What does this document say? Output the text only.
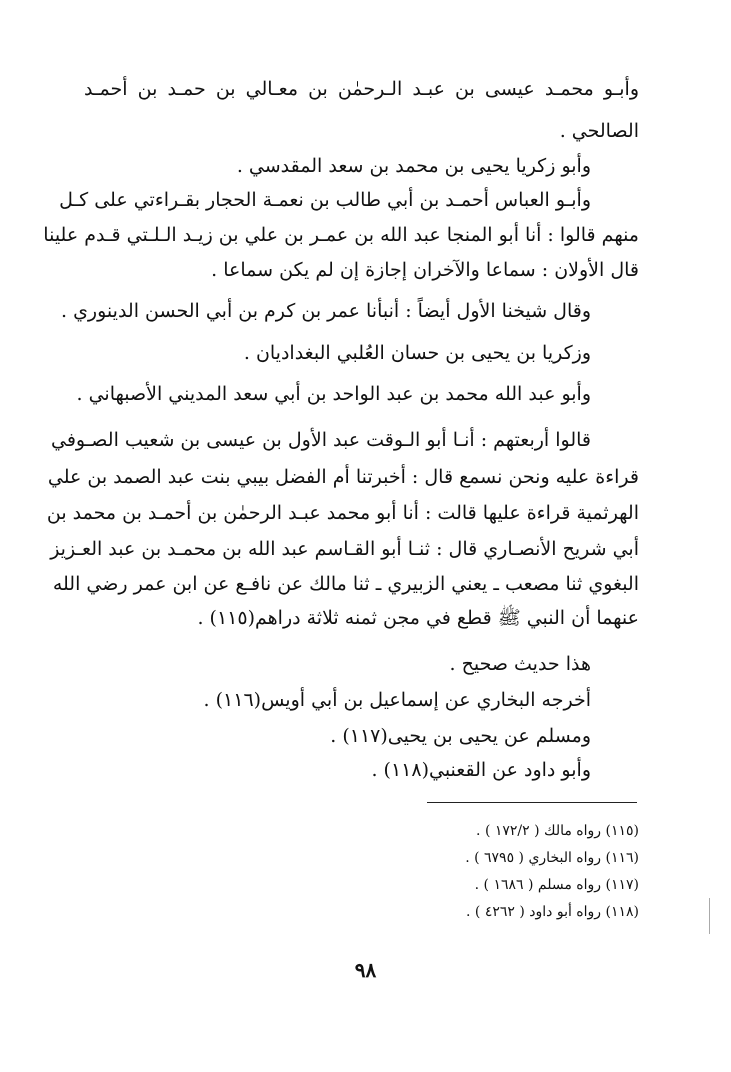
وأبـو محمـد عيسى بن عبـد الـرحمٰن بن معـالي بن حمـد بن أحمـد
الصالحي .
وأبو زكريا يحيى بن محمد بن سعد المقدسي .
وأبـو العباس أحمـد بن أبي طالب بن نعمـة الحجار بقـراءتي على كـل
منهم قالوا : أنا أبو المنجا عبد الله بن عمـر بن علي بن زيـد الـلـتي قـدم علينا
قال الأولان : سماعا والآخران إجازة إن لم يكن سماعا .
وقال شيخنا الأول أيضاً : أنبأنا عمر بن كرم بن أبي الحسن الدينوري .
وزكريا بن يحيى بن حسان العُلبي البغداديان .
وأبو عبد الله محمد بن عبد الواحد بن أبي سعد المديني الأصبهاني .
قالوا أربعتهم : أنـا أبو الـوقت عبد الأول بن عيسى بن شعيب الصـوفي
قراءة عليه ونحن نسمع قال : أخبرتنا أم الفضل بيبي بنت عبد الصمد بن علي
الهرثمية قراءة عليها قالت : أنا أبو محمد عبـد الرحمٰن بن أحمـد بن محمد بن
أبي شريح الأنصـاري قال : ثنـا أبو القـاسم عبد الله بن محمـد بن عبد العـزيز
البغوي ثنا مصعب ـ يعني الزبيري ـ ثنا مالك عن نافـع عن ابن عمر رضي الله
عنهما أن النبي ﷺ قطع في مجن ثمنه ثلاثة دراهم(١١٥) .
هذا حديث صحيح .
أخرجه البخاري عن إسماعيل بن أبي أويس(١١٦) .
ومسلم عن يحيى بن يحيى(١١٧) .
وأبو داود عن القعنبي(١١٨) .
(١١٥) رواه مالك ( ١٧٢/٢ ) .
(١١٦) رواه البخاري ( ٦٧٩٥ ) .
(١١٧) رواه مسلم ( ١٦٨٦ ) .
(١١٨) رواه أبو داود ( ٤٢٦٢ ) .
٩٨
